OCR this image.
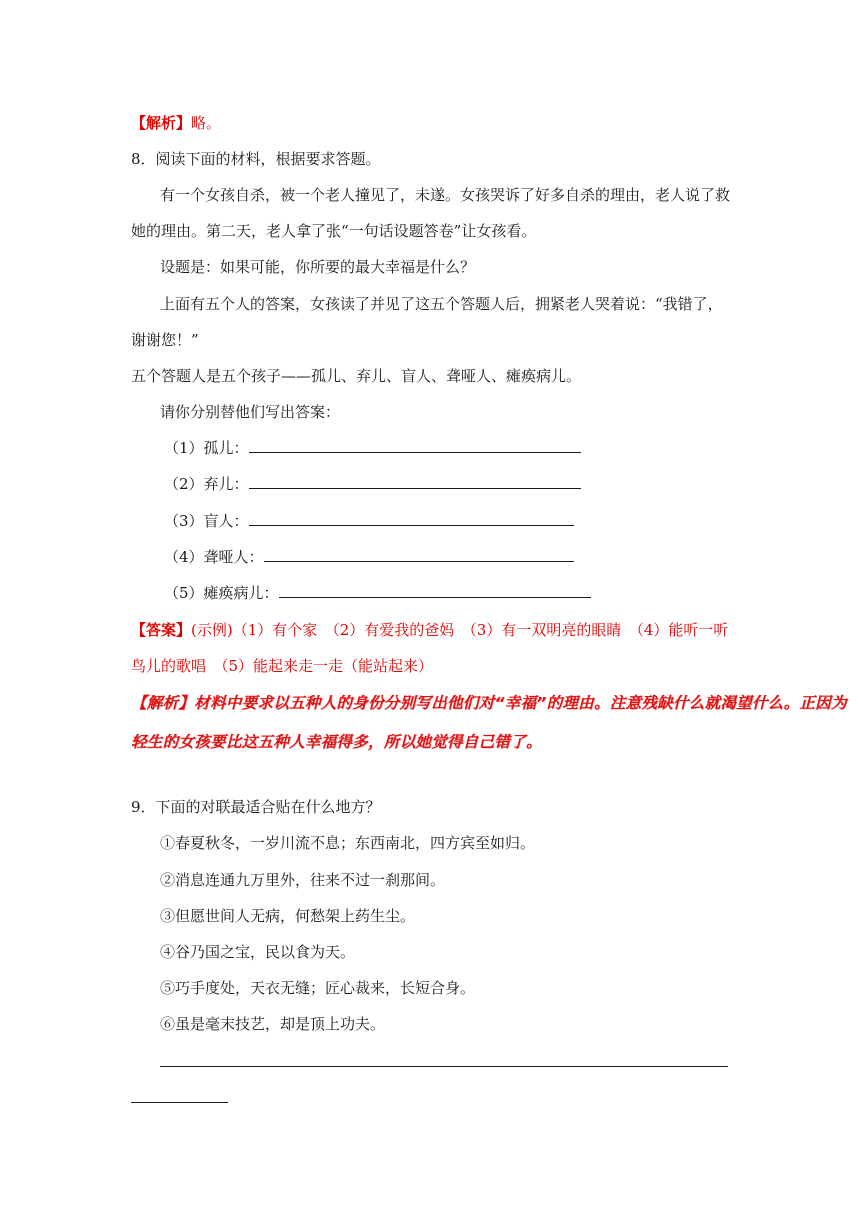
【解析】略。
8．阅读下面的材料，根据要求答题。
有一个女孩自杀，被一个老人撞见了，未遂。女孩哭诉了好多自杀的理由，老人说了救
她的理由。第二天，老人拿了张“一句话设题答卷”让女孩看。
设题是：如果可能，你所要的最大幸福是什么？
上面有五个人的答案，女孩读了并见了这五个答题人后，拥紧老人哭着说：“我错了，
谢谢您！”
五个答题人是五个孩子——孤儿、弃儿、盲人、聋哑人、瘫痪病儿。
请你分别替他们写出答案：
（1）孤儿：
（2）弃儿：
（3）盲人：
（4）聋哑人：
（5）瘫痪病儿：
【答案】(示例)（1）有个家　（2）有爱我的爸妈　（3）有一双明亮的眼睛　（4）能听一听
鸟儿的歌唱　（5）能起来走一走（能站起来）
【解析】材料中要求以五种人的身份分别写出他们对“幸福”的理由。注意残缺什么就渴望什么。正因为
轻生的女孩要比这五种人幸福得多，所以她觉得自己错了。
9．下面的对联最适合贴在什么地方？
①春夏秋冬，一岁川流不息；东西南北，四方宾至如归。
②消息连通九万里外，往来不过一刹那间。
③但愿世间人无病，何愁架上药生尘。
④谷乃国之宝，民以食为天。
⑤巧手度处，天衣无缝；匠心裁来，长短合身。
⑥虽是毫末技艺，却是顶上功夫。
